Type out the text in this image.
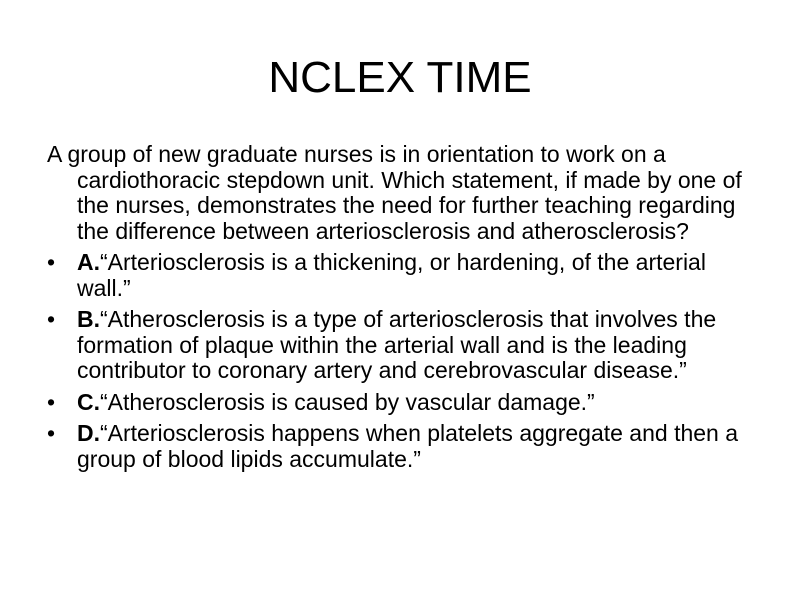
NCLEX TIME

A group of new graduate nurses is in orientation to work on a cardiothoracic stepdown unit. Which statement, if made by one of the nurses, demonstrates the need for further teaching regarding the difference between arteriosclerosis and atherosclerosis?

• A.“Arteriosclerosis is a thickening, or hardening, of the arterial wall.”
• B.“Atherosclerosis is a type of arteriosclerosis that involves the formation of plaque within the arterial wall and is the leading contributor to coronary artery and cerebrovascular disease.”
• C.“Atherosclerosis is caused by vascular damage.”
• D.“Arteriosclerosis happens when platelets aggregate and then a group of blood lipids accumulate.”
